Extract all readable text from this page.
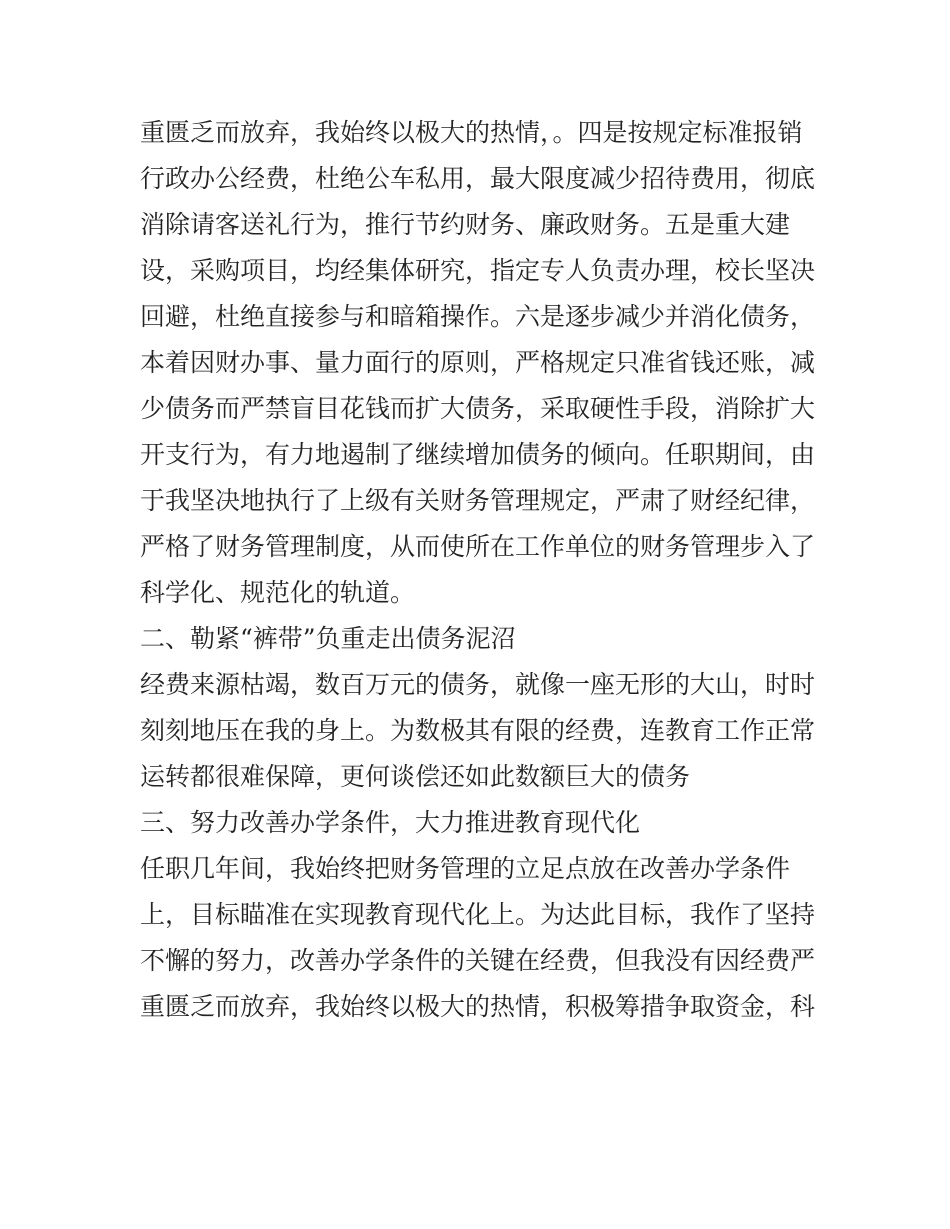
重匮乏而放弃，我始终以极大的热情，。四是按规定标准报销
行政办公经费，杜绝公车私用，最大限度减少招待费用，彻底
消除请客送礼行为，推行节约财务、廉政财务。五是重大建
设，采购项目，均经集体研究，指定专人负责办理，校长坚决
回避，杜绝直接参与和暗箱操作。六是逐步减少并消化债务，
本着因财办事、量力面行的原则，严格规定只准省钱还账，减
少债务而严禁盲目花钱而扩大债务，采取硬性手段，消除扩大
开支行为，有力地遏制了继续增加债务的倾向。任职期间，由
于我坚决地执行了上级有关财务管理规定，严肃了财经纪律，
严格了财务管理制度，从而使所在工作单位的财务管理步入了
科学化、规范化的轨道。
二、勒紧“裤带”负重走出债务泥沼
经费来源枯竭，数百万元的债务，就像一座无形的大山，时时
刻刻地压在我的身上。为数极其有限的经费，连教育工作正常
运转都很难保障，更何谈偿还如此数额巨大的债务
三、努力改善办学条件，大力推进教育现代化
任职几年间，我始终把财务管理的立足点放在改善办学条件
上，目标瞄准在实现教育现代化上。为达此目标，我作了坚持
不懈的努力，改善办学条件的关键在经费，但我没有因经费严
重匮乏而放弃，我始终以极大的热情，积极筹措争取资金，科
